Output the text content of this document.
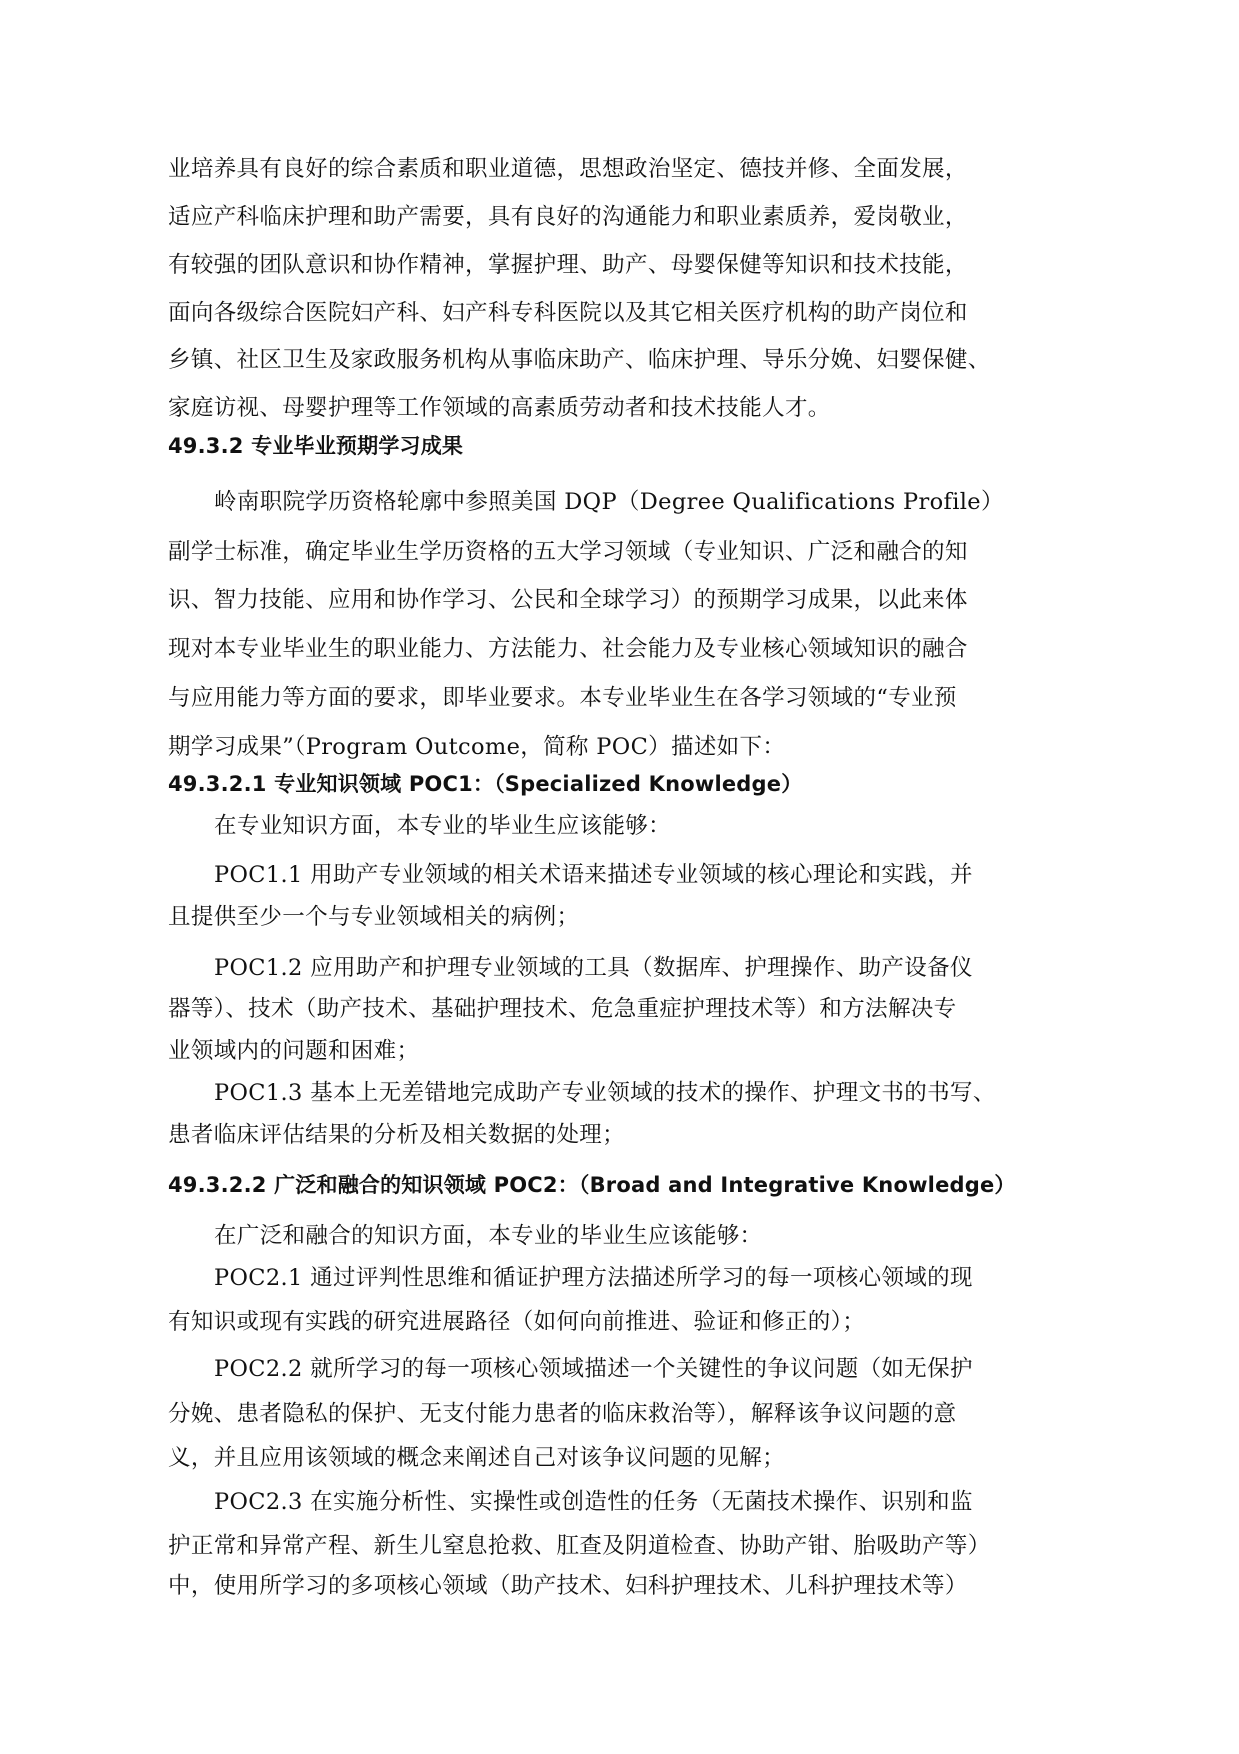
业培养具有良好的综合素质和职业道德，思想政治坚定、德技并修、全面发展，
适应产科临床护理和助产需要，具有良好的沟通能力和职业素质养，爱岗敬业，
有较强的团队意识和协作精神，掌握护理、助产、母婴保健等知识和技术技能，
面向各级综合医院妇产科、妇产科专科医院以及其它相关医疗机构的助产岗位和
乡镇、社区卫生及家政服务机构从事临床助产、临床护理、导乐分娩、妇婴保健、
家庭访视、母婴护理等工作领域的高素质劳动者和技术技能人才。
49.3.2 专业毕业预期学习成果
岭南职院学历资格轮廓中参照美国 DQP（Degree Qualifications Profile）
副学士标准，确定毕业生学历资格的五大学习领域（专业知识、广泛和融合的知
识、智力技能、应用和协作学习、公民和全球学习）的预期学习成果，以此来体
现对本专业毕业生的职业能力、方法能力、社会能力及专业核心领域知识的融合
与应用能力等方面的要求，即毕业要求。本专业毕业生在各学习领域的“专业预
期学习成果”（Program Outcome，简称 POC）描述如下：
49.3.2.1 专业知识领域 POC1：（Specialized Knowledge）
在专业知识方面，本专业的毕业生应该能够：
POC1.1 用助产专业领域的相关术语来描述专业领域的核心理论和实践，并
且提供至少一个与专业领域相关的病例；
POC1.2 应用助产和护理专业领域的工具（数据库、护理操作、助产设备仪
器等）、技术（助产技术、基础护理技术、危急重症护理技术等）和方法解决专
业领域内的问题和困难；
POC1.3 基本上无差错地完成助产专业领域的技术的操作、护理文书的书写、
患者临床评估结果的分析及相关数据的处理；
49.3.2.2 广泛和融合的知识领域 POC2：（Broad and Integrative Knowledge）
在广泛和融合的知识方面，本专业的毕业生应该能够：
POC2.1 通过评判性思维和循证护理方法描述所学习的每一项核心领域的现
有知识或现有实践的研究进展路径（如何向前推进、验证和修正的）；
POC2.2 就所学习的每一项核心领域描述一个关键性的争议问题（如无保护
分娩、患者隐私的保护、无支付能力患者的临床救治等），解释该争议问题的意
义，并且应用该领域的概念来阐述自己对该争议问题的见解；
POC2.3 在实施分析性、实操性或创造性的任务（无菌技术操作、识别和监
护正常和异常产程、新生儿窒息抢救、肛查及阴道检查、协助产钳、胎吸助产等）
中，使用所学习的多项核心领域（助产技术、妇科护理技术、儿科护理技术等）
